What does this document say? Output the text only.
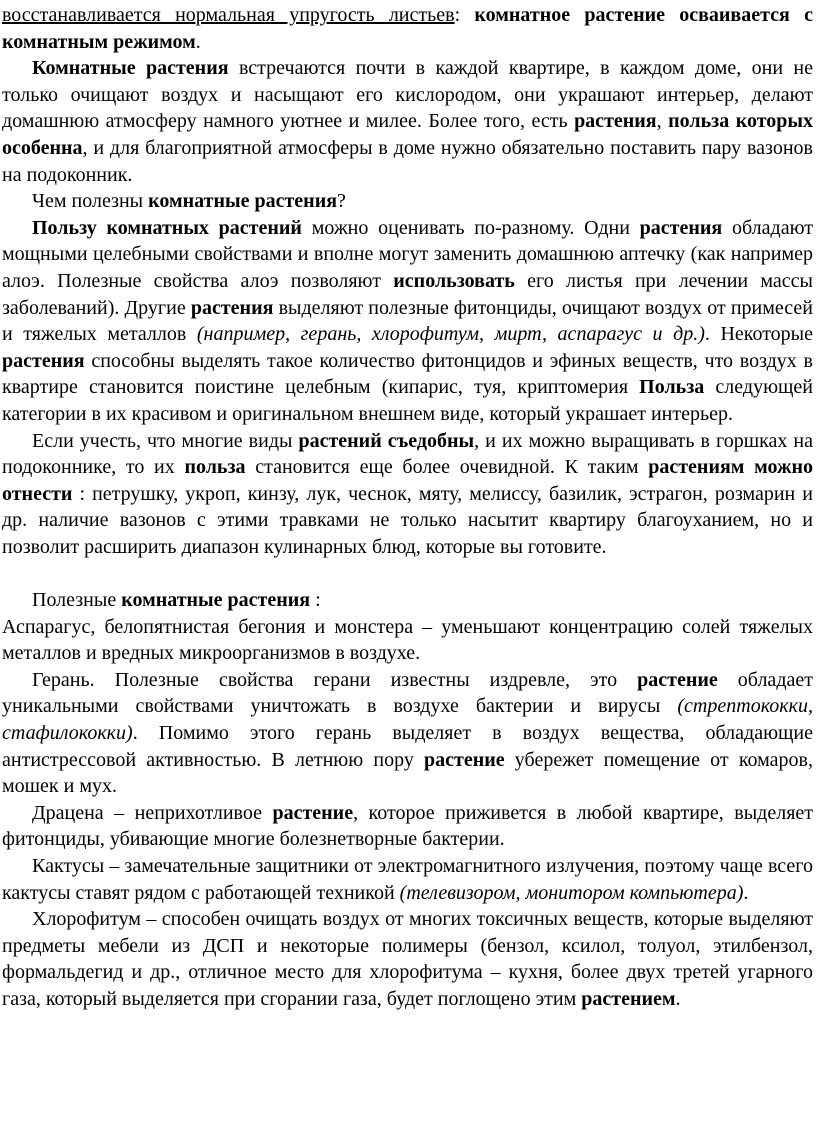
восстанавливается нормальная упругость листьев: комнатное растение осваивается с комнатным режимом.

Комнатные растения встречаются почти в каждой квартире, в каждом доме, они не только очищают воздух и насыщают его кислородом, они украшают интерьер, делают домашнюю атмосферу намного уютнее и милее. Более того, есть растения, польза которых особенна, и для благоприятной атмосферы в доме нужно обязательно поставить пару вазонов на подоконник.

Чем полезны комнатные растения?

Пользу комнатных растений можно оценивать по-разному. Одни растения обладают мощными целебными свойствами и вполне могут заменить домашнюю аптечку (как например алоэ. Полезные свойства алоэ позволяют использовать его листья при лечении массы заболеваний). Другие растения выделяют полезные фитонциды, очищают воздух от примесей и тяжелых металлов (например, герань, хлорофитум, мирт, аспарагус и др.). Некоторые растения способны выделять такое количество фитонцидов и эфиных веществ, что воздух в квартире становится поистине целебным (кипарис, туя, криптомерия Польза следующей категории в их красивом и оригинальном внешнем виде, который украшает интерьер.

Если учесть, что многие виды растений съедобны, и их можно выращивать в горшках на подоконнике, то их польза становится еще более очевидной. К таким растениям можно отнести : петрушку, укроп, кинзу, лук, чеснок, мяту, мелиссу, базилик, эстрагон, розмарин и др. наличие вазонов с этими травками не только насытит квартиру благоуханием, но и позволит расширить диапазон кулинарных блюд, которые вы готовите.

Полезные комнатные растения :

Аспарагус, белопятнистая бегония и монстера – уменьшают концентрацию солей тяжелых металлов и вредных микроорганизмов в воздухе.

Герань. Полезные свойства герани известны издревле, это растение обладает уникальными свойствами уничтожать в воздухе бактерии и вирусы (стрептококки, стафилококки). Помимо этого герань выделяет в воздух вещества, обладающие антистрессовой активностью. В летнюю пору растение убережет помещение от комаров, мошек и мух.

Драцена – неприхотливое растение, которое приживется в любой квартире, выделяет фитонциды, убивающие многие болезнетворные бактерии.

Кактусы – замечательные защитники от электромагнитного излучения, поэтому чаще всего кактусы ставят рядом с работающей техникой (телевизором, монитором компьютера).

Хлорофитум – способен очищать воздух от многих токсичных веществ, которые выделяют предметы мебели из ДСП и некоторые полимеры (бензол, ксилол, толуол, этилбензол, формальдегид и др., отличное место для хлорофитума – кухня, более двух третей угарного газа, который выделяется при сгорании газа, будет поглощено этим растением.
